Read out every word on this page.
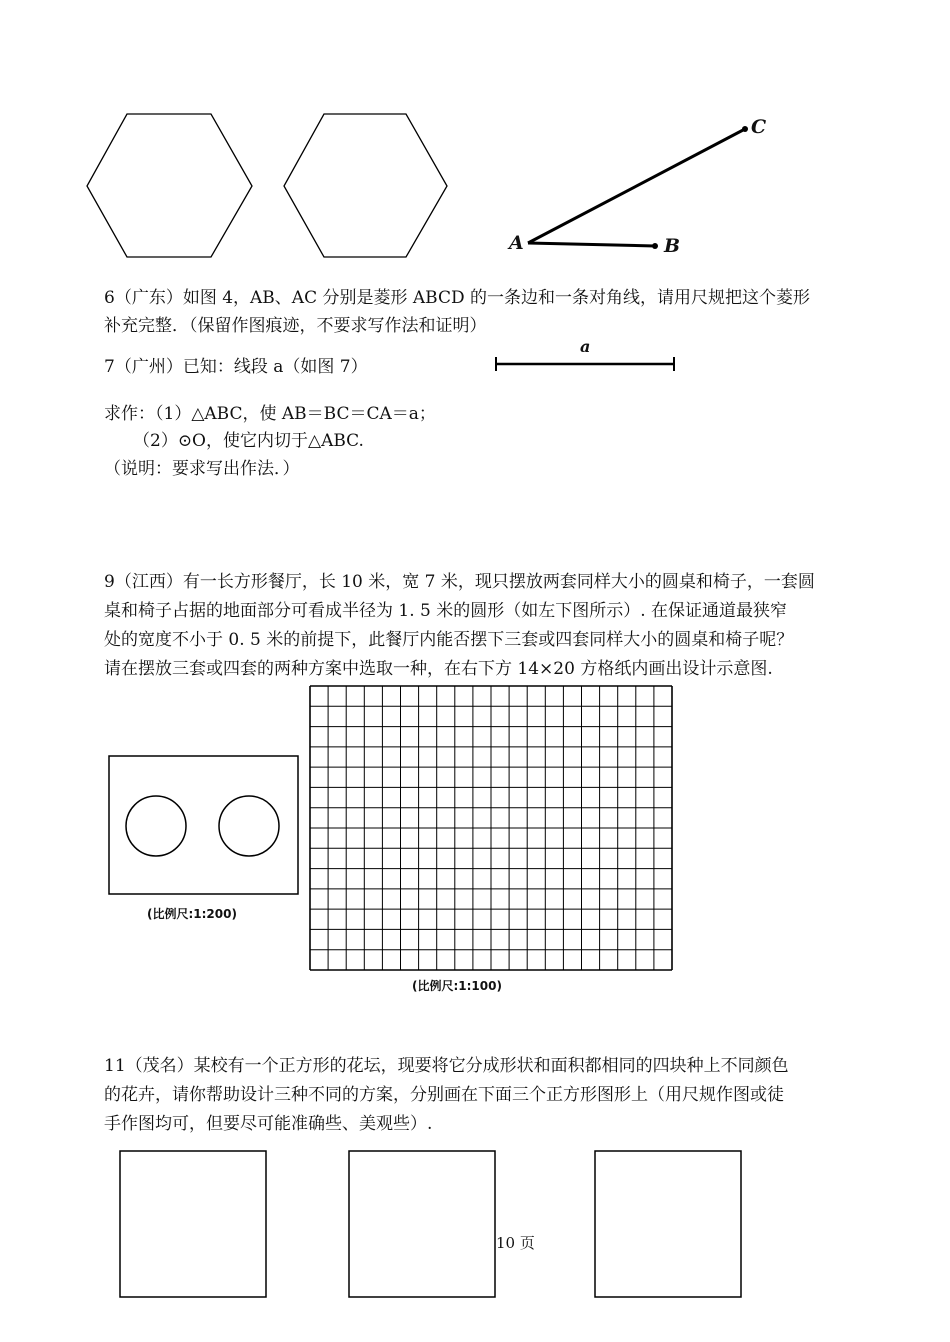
A	B
C
6（广东）如图 4，AB、AC 分别是菱形 ABCD 的一条边和一条对角线，请用尺规把这个菱形
补充完整．（保留作图痕迹，不要求写作法和证明）
7（广州）已知：线段 a（如图 7）
a
求作：（1）△ABC，使 AB＝BC＝CA＝a；
（2）⊙O，使它内切于△ABC.
（说明：要求写出作法．）
9（江西）有一长方形餐厅，长 10 米，宽 7 米，现只摆放两套同样大小的圆桌和椅子，一套圆
桌和椅子占据的地面部分可看成半径为 1. 5 米的圆形（如左下图所示）. 在保证通道最狭窄
处的宽度不小于 0. 5 米的前提下，此餐厅内能否摆下三套或四套同样大小的圆桌和椅子呢？
请在摆放三套或四套的两种方案中选取一种，在右下方 14×20 方格纸内画出设计示意图.
(比例尺:1:200)
(比例尺:1:100)
11（茂名）某校有一个正方形的花坛，现要将它分成形状和面积都相同的四块种上不同颜色
的花卉，请你帮助设计三种不同的方案，分别画在下面三个正方形图形上（用尺规作图或徒
手作图均可，但要尽可能准确些、美观些）.
10 页
